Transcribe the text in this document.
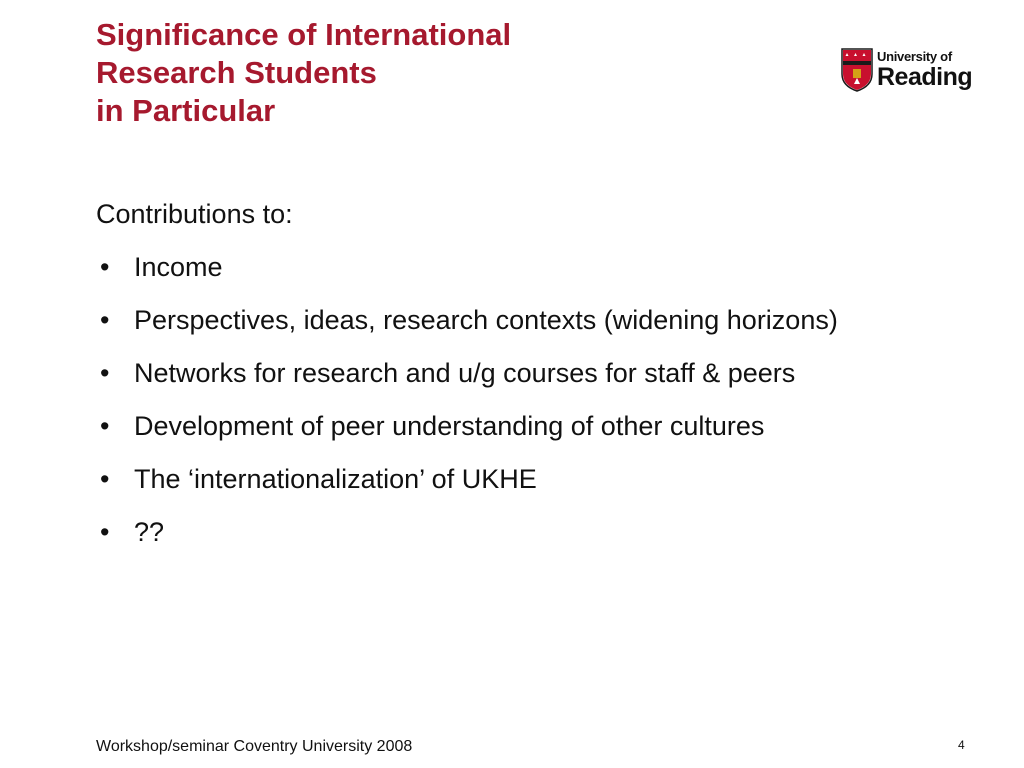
Significance of International
Research Students
in Particular
University of
Reading
Contributions to:
• Income
• Perspectives, ideas, research contexts (widening horizons)
• Networks for research and u/g courses for staff & peers
• Development of peer understanding of other cultures
• The ‘internationalization’ of UKHE
• ??
Workshop/seminar Coventry University 2008	4
